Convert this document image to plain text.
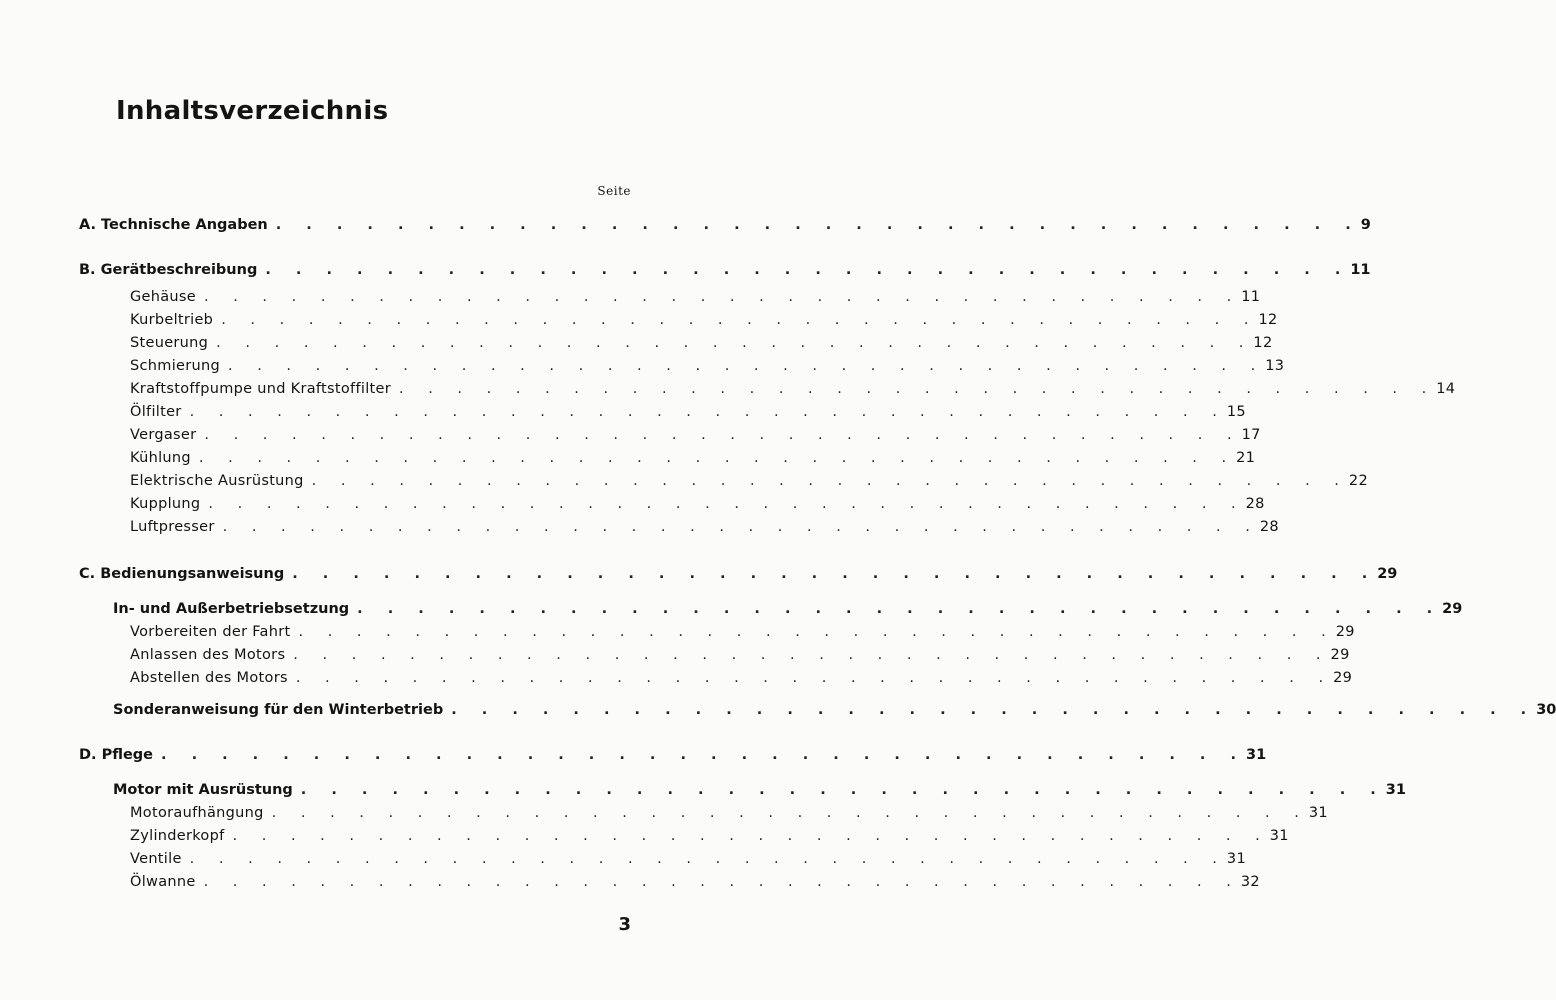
Inhaltsverzeichnis
Seite
A. Technische Angaben . . . . . . . . . . . . . . . . . . . . . . . . . . . . . . . . . . . . 9
B. Gerätbeschreibung . . . . . . . . . . . . . . . . . . . . . . . . . . . . . . . . . . . . 11
Gehäuse . . . . . . . . . . . . . . . . . . . . . . . . . . . . . . . . . . . . 11
Kurbeltrieb . . . . . . . . . . . . . . . . . . . . . . . . . . . . . . . . . . . . 12
Steuerung . . . . . . . . . . . . . . . . . . . . . . . . . . . . . . . . . . . . 12
Schmierung . . . . . . . . . . . . . . . . . . . . . . . . . . . . . . . . . . . . 13
Kraftstoffpumpe und Kraftstoffilter . . . . . . . . . . . . . . . . . . . . . . . . . . . . . . . . . . . . 14
Ölfilter . . . . . . . . . . . . . . . . . . . . . . . . . . . . . . . . . . . . 15
Vergaser . . . . . . . . . . . . . . . . . . . . . . . . . . . . . . . . . . . . 17
Kühlung . . . . . . . . . . . . . . . . . . . . . . . . . . . . . . . . . . . . 21
Elektrische Ausrüstung . . . . . . . . . . . . . . . . . . . . . . . . . . . . . . . . . . . . 22
Kupplung . . . . . . . . . . . . . . . . . . . . . . . . . . . . . . . . . . . . 28
Luftpresser . . . . . . . . . . . . . . . . . . . . . . . . . . . . . . . . . . . . 28
C. Bedienungsanweisung . . . . . . . . . . . . . . . . . . . . . . . . . . . . . . . . . . . . 29
In- und Außerbetriebsetzung . . . . . . . . . . . . . . . . . . . . . . . . . . . . . . . . . . . . 29
Vorbereiten der Fahrt . . . . . . . . . . . . . . . . . . . . . . . . . . . . . . . . . . . . 29
Anlassen des Motors . . . . . . . . . . . . . . . . . . . . . . . . . . . . . . . . . . . . 29
Abstellen des Motors . . . . . . . . . . . . . . . . . . . . . . . . . . . . . . . . . . . . 29
Sonderanweisung für den Winterbetrieb . . . . . . . . . . . . . . . . . . . . . . . . . . . . . . . . . . . . 30
D. Pflege . . . . . . . . . . . . . . . . . . . . . . . . . . . . . . . . . . . . 31
Motor mit Ausrüstung . . . . . . . . . . . . . . . . . . . . . . . . . . . . . . . . . . . . 31
Motoraufhängung . . . . . . . . . . . . . . . . . . . . . . . . . . . . . . . . . . . . 31
Zylinderkopf . . . . . . . . . . . . . . . . . . . . . . . . . . . . . . . . . . . . 31
Ventile . . . . . . . . . . . . . . . . . . . . . . . . . . . . . . . . . . . . 31
Ölwanne . . . . . . . . . . . . . . . . . . . . . . . . . . . . . . . . . . . . 32
3
